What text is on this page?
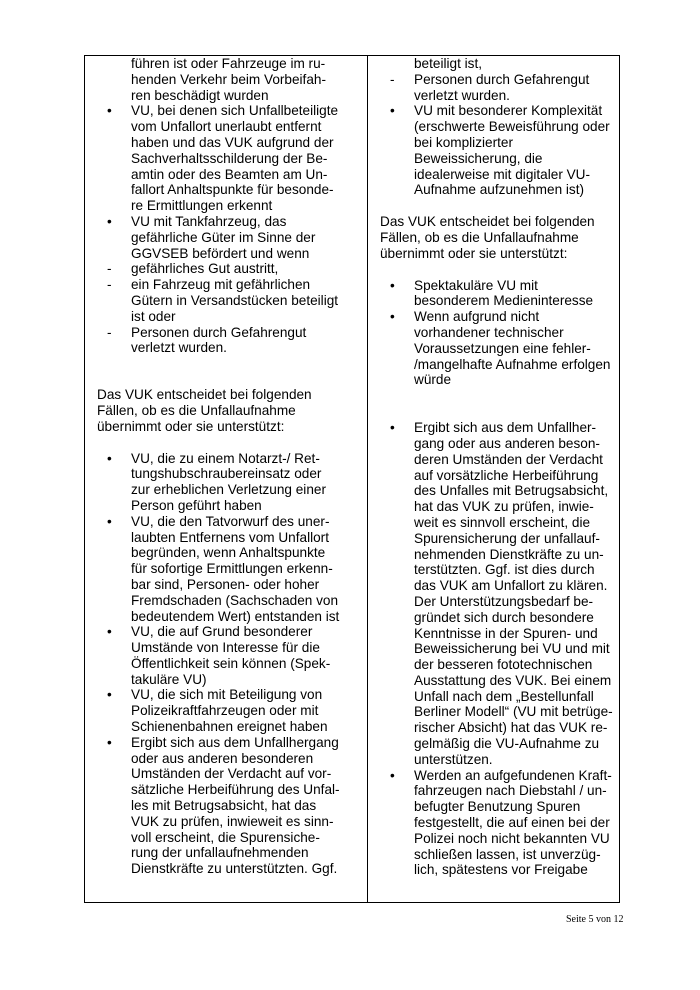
führen ist oder Fahrzeuge im ru-
henden Verkehr beim Vorbeifah-
ren beschädigt wurden
•	VU, bei denen sich Unfallbeteiligte
vom Unfallort unerlaubt entfernt
haben und das VUK aufgrund der
Sachverhaltsschilderung der Be-
amtin oder des Beamten am Un-
fallort Anhaltspunkte für besonde-
re Ermittlungen erkennt
•	VU mit Tankfahrzeug, das
gefährliche Güter im Sinne der
GGVSEB befördert und wenn
-	gefährliches Gut austritt,
-	ein Fahrzeug mit gefährlichen
Gütern in Versandstücken beteiligt
ist oder
-	Personen durch Gefahrengut
verletzt wurden.

Das VUK entscheidet bei folgenden
Fällen, ob es die Unfallaufnahme
übernimmt oder sie unterstützt:

•	VU, die zu einem Notarzt-/ Ret-
tungshubschraubereinsatz oder
zur erheblichen Verletzung einer
Person geführt haben
•	VU, die den Tatvorwurf des uner-
laubten Entfernens vom Unfallort
begründen, wenn Anhaltspunkte
für sofortige Ermittlungen erkenn-
bar sind, Personen- oder hoher
Fremdschaden (Sachschaden von
bedeutendem Wert) entstanden ist
•	VU, die auf Grund besonderer
Umstände von Interesse für die
Öffentlichkeit sein können (Spek-
takuläre VU)
•	VU, die sich mit Beteiligung von
Polizeikraftfahrzeugen oder mit
Schienenbahnen ereignet haben
•	Ergibt sich aus dem Unfallhergang
oder aus anderen besonderen
Umständen der Verdacht auf vor-
sätzliche Herbeiführung des Unfal-
les mit Betrugsabsicht, hat das
VUK zu prüfen, inwieweit es sinn-
voll erscheint, die Spurensiche-
rung der unfallaufnehmenden
Dienstkräfte zu unterstützten. Ggf.
beteiligt ist,
-	Personen durch Gefahrengut
verletzt wurden.
•	VU mit besonderer Komplexität
(erschwerte Beweisführung oder
bei komplizierter
Beweissicherung, die
idealerweise mit digitaler VU-
Aufnahme aufzunehmen ist)

Das VUK entscheidet bei folgenden
Fällen, ob es die Unfallaufnahme
übernimmt oder sie unterstützt:

•	Spektakuläre VU mit
besonderem Medieninteresse
•	Wenn aufgrund nicht
vorhandener technischer
Voraussetzungen eine fehler-
/mangelhafte Aufnahme erfolgen
würde
•	Ergibt sich aus dem Unfallher-
gang oder aus anderen beson-
deren Umständen der Verdacht
auf vorsätzliche Herbeiführung
des Unfalles mit Betrugsabsicht,
hat das VUK zu prüfen, inwie-
weit es sinnvoll erscheint, die
Spurensicherung der unfallauf-
nehmenden Dienstkräfte zu un-
terstützten. Ggf. ist dies durch
das VUK am Unfallort zu klären.
Der Unterstützungsbedarf be-
gründet sich durch besondere
Kenntnisse in der Spuren- und
Beweissicherung bei VU und mit
der besseren fototechnischen
Ausstattung des VUK. Bei einem
Unfall nach dem „Bestellunfall
Berliner Modell“ (VU mit betrüge-
rischer Absicht) hat das VUK re-
gelmäßig die VU-Aufnahme zu
unterstützen.
•	Werden an aufgefundenen Kraft-
fahrzeugen nach Diebstahl / un-
befugter Benutzung Spuren
festgestellt, die auf einen bei der
Polizei noch nicht bekannten VU
schließen lassen, ist unverzüg-
lich, spätestens vor Freigabe
Seite 5 von 12
